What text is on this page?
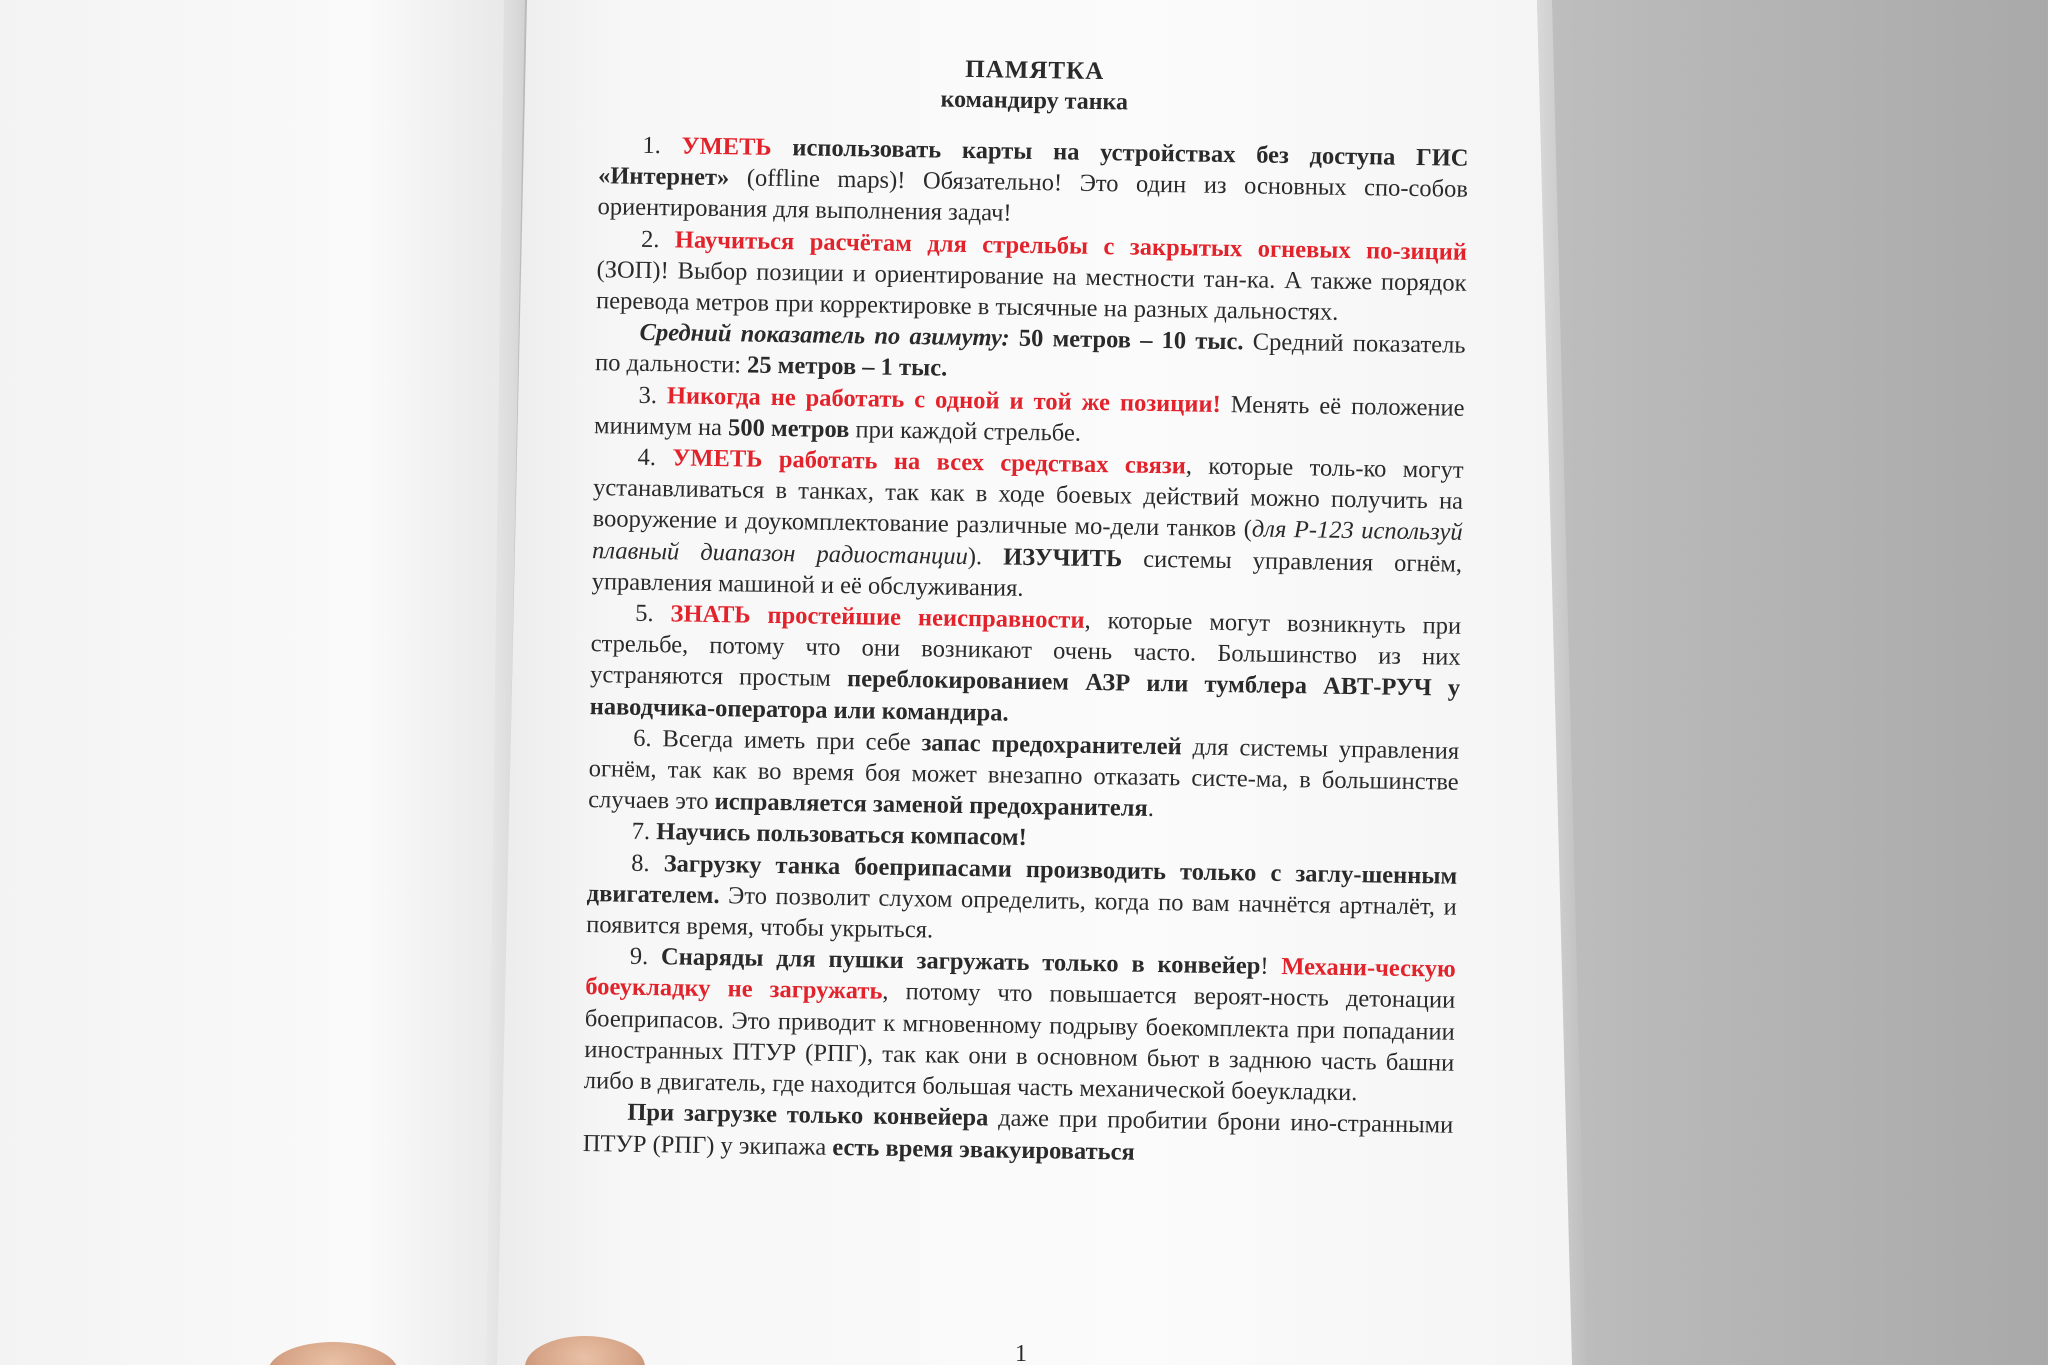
ПАМЯТКА
командиру танка

1. УМЕТЬ использовать карты на устройствах без доступа ГИС «Интернет» (offline maps)! Обязательно! Это один из основных спо-собов ориентирования для выполнения задач!

2. Научиться расчётам для стрельбы с закрытых огневых по-зиций (ЗОП)! Выбор позиции и ориентирование на местности тан-ка. А также порядок перевода метров при корректировке в тысячные на разных дальностях.

Средний показатель по азимуту: 50 метров – 10 тыс. Средний показатель по дальности: 25 метров – 1 тыс.

3. Никогда не работать с одной и той же позиции! Менять её положение минимум на 500 метров при каждой стрельбе.

4. УМЕТЬ работать на всех средствах связи, которые толь-ко могут устанавливаться в танках, так как в ходе боевых действий можно получить на вооружение и доукомплектование различные мо-дели танков (для Р-123 используй плавный диапазон радиостанции). ИЗУЧИТЬ системы управления огнём, управления машиной и её обслуживания.

5. ЗНАТЬ простейшие неисправности, которые могут возникнуть при стрельбе, потому что они возникают очень часто. Большинство из них устраняются простым переблокированием АЗР или тумблера АВТ-РУЧ у наводчика-оператора или командира.

6. Всегда иметь при себе запас предохранителей для системы управления огнём, так как во время боя может внезапно отказать систе-ма, в большинстве случаев это исправляется заменой предохранителя.

7. Научись пользоваться компасом!

8. Загрузку танка боеприпасами производить только с заглу-шенным двигателем. Это позволит слухом определить, когда по вам начнётся артналёт, и появится время, чтобы укрыться.

9. Снаряды для пушки загружать только в конвейер! Механи-ческую боеукладку не загружать, потому что повышается вероят-ность детонации боеприпасов. Это приводит к мгновенному подрыву боекомплекта при попадании иностранных ПТУР (РПГ), так как они в основном бьют в заднюю часть башни либо в двигатель, где находится большая часть механической боеукладки.

При загрузке только конвейера даже при пробитии брони ино-странными ПТУР (РПГ) у экипажа есть время эвакуироваться

1
